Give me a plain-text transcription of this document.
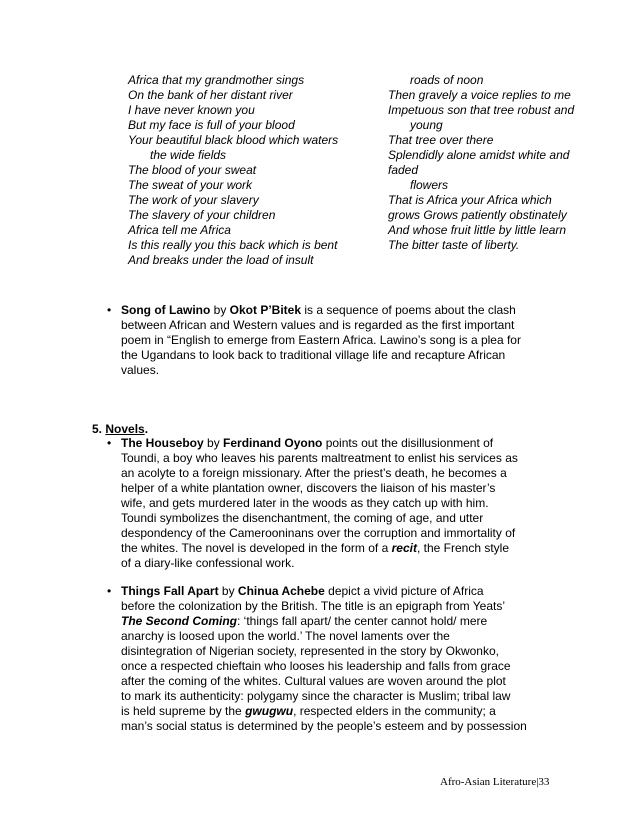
Africa that my grandmother sings
On the bank of her distant river
I have never known you
But my face is full of your blood
Your beautiful black blood which waters
the wide fields
The blood of your sweat
The sweat of your work
The work of your slavery
The slavery of your children
Africa tell me Africa
Is this really you this back which is bent
And breaks under the load of insult
roads of noon
Then gravely a voice replies to me
Impetuous son that tree robust and
young
That tree over there
Splendidly alone amidst white and
faded
flowers
That is Africa your Africa which
grows Grows patiently obstinately
And whose fruit little by little learn
The bitter taste of liberty.
• Song of Lawino by Okot P’Bitek is a sequence of poems about the clash
between African and Western values and is regarded as the first important
poem in “English to emerge from Eastern Africa. Lawino’s song is a plea for
the Ugandans to look back to traditional village life and recapture African
values.
5. Novels.
• The Houseboy by Ferdinand Oyono points out the disillusionment of
Toundi, a boy who leaves his parents maltreatment to enlist his services as
an acolyte to a foreign missionary. After the priest’s death, he becomes a
helper of a white plantation owner, discovers the liaison of his master’s
wife, and gets murdered later in the woods as they catch up with him.
Toundi symbolizes the disenchantment, the coming of age, and utter
despondency of the Camerooninans over the corruption and immortality of
the whites. The novel is developed in the form of a recit, the French style
of a diary-like confessional work.
• Things Fall Apart by Chinua Achebe depict a vivid picture of Africa
before the colonization by the British. The title is an epigraph from Yeats’
The Second Coming: ‘things fall apart/ the center cannot hold/ mere
anarchy is loosed upon the world.’ The novel laments over the
disintegration of Nigerian society, represented in the story by Okwonko,
once a respected chieftain who looses his leadership and falls from grace
after the coming of the whites. Cultural values are woven around the plot
to mark its authenticity: polygamy since the character is Muslim; tribal law
is held supreme by the gwugwu, respected elders in the community; a
man’s social status is determined by the people’s esteem and by possession
Afro-Asian Literature|33
